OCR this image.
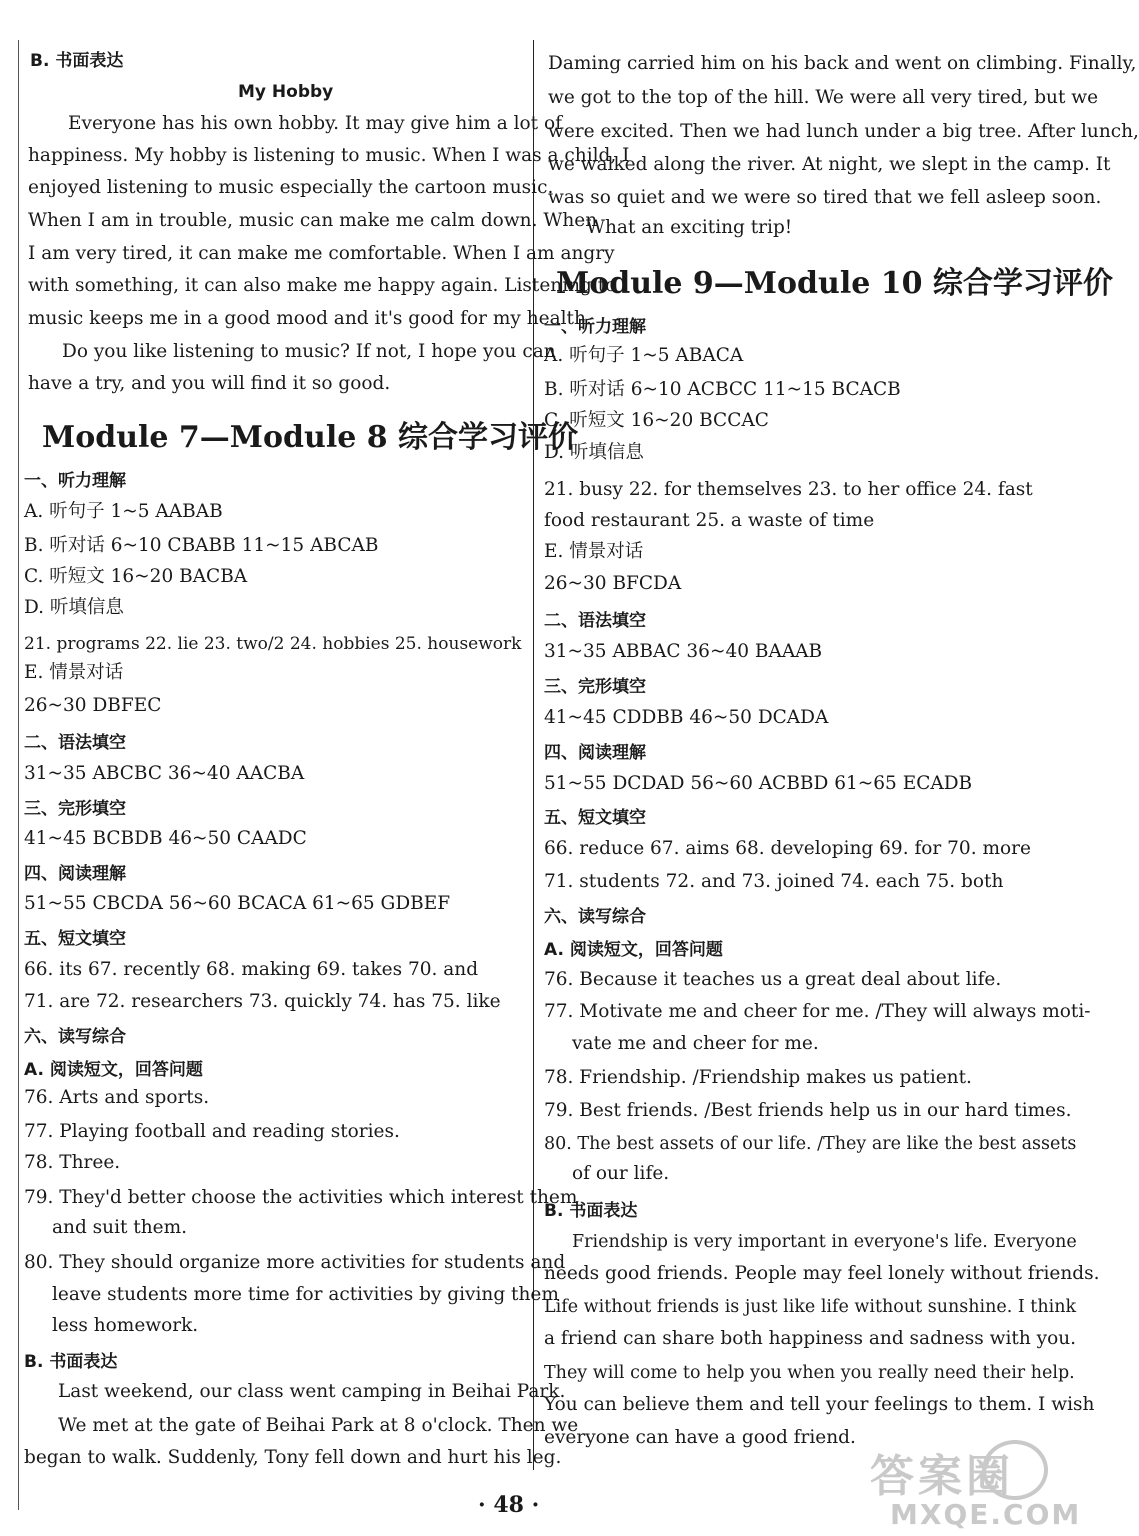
B. 书面表达
My Hobby
Everyone has his own hobby. It may give him a lot of
happiness. My hobby is listening to music. When I was a child, I
enjoyed listening to music especially the cartoon music.
When I am in trouble, music can make me calm down. When
I am very tired, it can make me comfortable. When I am angry
with something, it can also make me happy again. Listening to
music keeps me in a good mood and it's good for my health.
Do you like listening to music? If not, I hope you can
have a try, and you will find it so good.
Module 7—Module 8 综合学习评价
一、听力理解
A. 听句子 1~5 AABAB
B. 听对话 6~10 CBABB 11~15 ABCAB
C. 听短文 16~20 BACBA
D. 听填信息
21. programs 22. lie 23. two/2 24. hobbies 25. housework
E. 情景对话
26~30 DBFEC
二、语法填空
31~35 ABCBC 36~40 AACBA
三、完形填空
41~45 BCBDB 46~50 CAADC
四、阅读理解
51~55 CBCDA 56~60 BCACA 61~65 GDBEF
五、短文填空
66. its 67. recently 68. making 69. takes 70. and
71. are 72. researchers 73. quickly 74. has 75. like
六、读写综合
A. 阅读短文，回答问题
76. Arts and sports.
77. Playing football and reading stories.
78. Three.
79. They'd better choose the activities which interest them
and suit them.
80. They should organize more activities for students and
leave students more time for activities by giving them
less homework.
B. 书面表达
Last weekend, our class went camping in Beihai Park.
We met at the gate of Beihai Park at 8 o'clock. Then we
began to walk. Suddenly, Tony fell down and hurt his leg.
Daming carried him on his back and went on climbing. Finally,
we got to the top of the hill. We were all very tired, but we
were excited. Then we had lunch under a big tree. After lunch,
we walked along the river. At night, we slept in the camp. It
was so quiet and we were so tired that we fell asleep soon.
What an exciting trip!
Module 9—Module 10 综合学习评价
一、听力理解
A. 听句子 1~5 ABACA
B. 听对话 6~10 ACBCC 11~15 BCACB
C. 听短文 16~20 BCCAC
D. 听填信息
21. busy 22. for themselves 23. to her office 24. fast
food restaurant 25. a waste of time
E. 情景对话
26~30 BFCDA
二、语法填空
31~35 ABBAC 36~40 BAAAB
三、完形填空
41~45 CDDBB 46~50 DCADA
四、阅读理解
51~55 DCDAD 56~60 ACBBD 61~65 ECADB
五、短文填空
66. reduce 67. aims 68. developing 69. for 70. more
71. students 72. and 73. joined 74. each 75. both
六、读写综合
A. 阅读短文，回答问题
76. Because it teaches us a great deal about life.
77. Motivate me and cheer for me. /They will always moti-
vate me and cheer for me.
78. Friendship. /Friendship makes us patient.
79. Best friends. /Best friends help us in our hard times.
80. The best assets of our life. /They are like the best assets
of our life.
B. 书面表达
Friendship is very important in everyone's life. Everyone
needs good friends. People may feel lonely without friends.
Life without friends is just like life without sunshine. I think
a friend can share both happiness and sadness with you.
They will come to help you when you really need their help.
You can believe them and tell your feelings to them. I wish
everyone can have a good friend.
· 48 ·
答案圈
MXQE.COM
